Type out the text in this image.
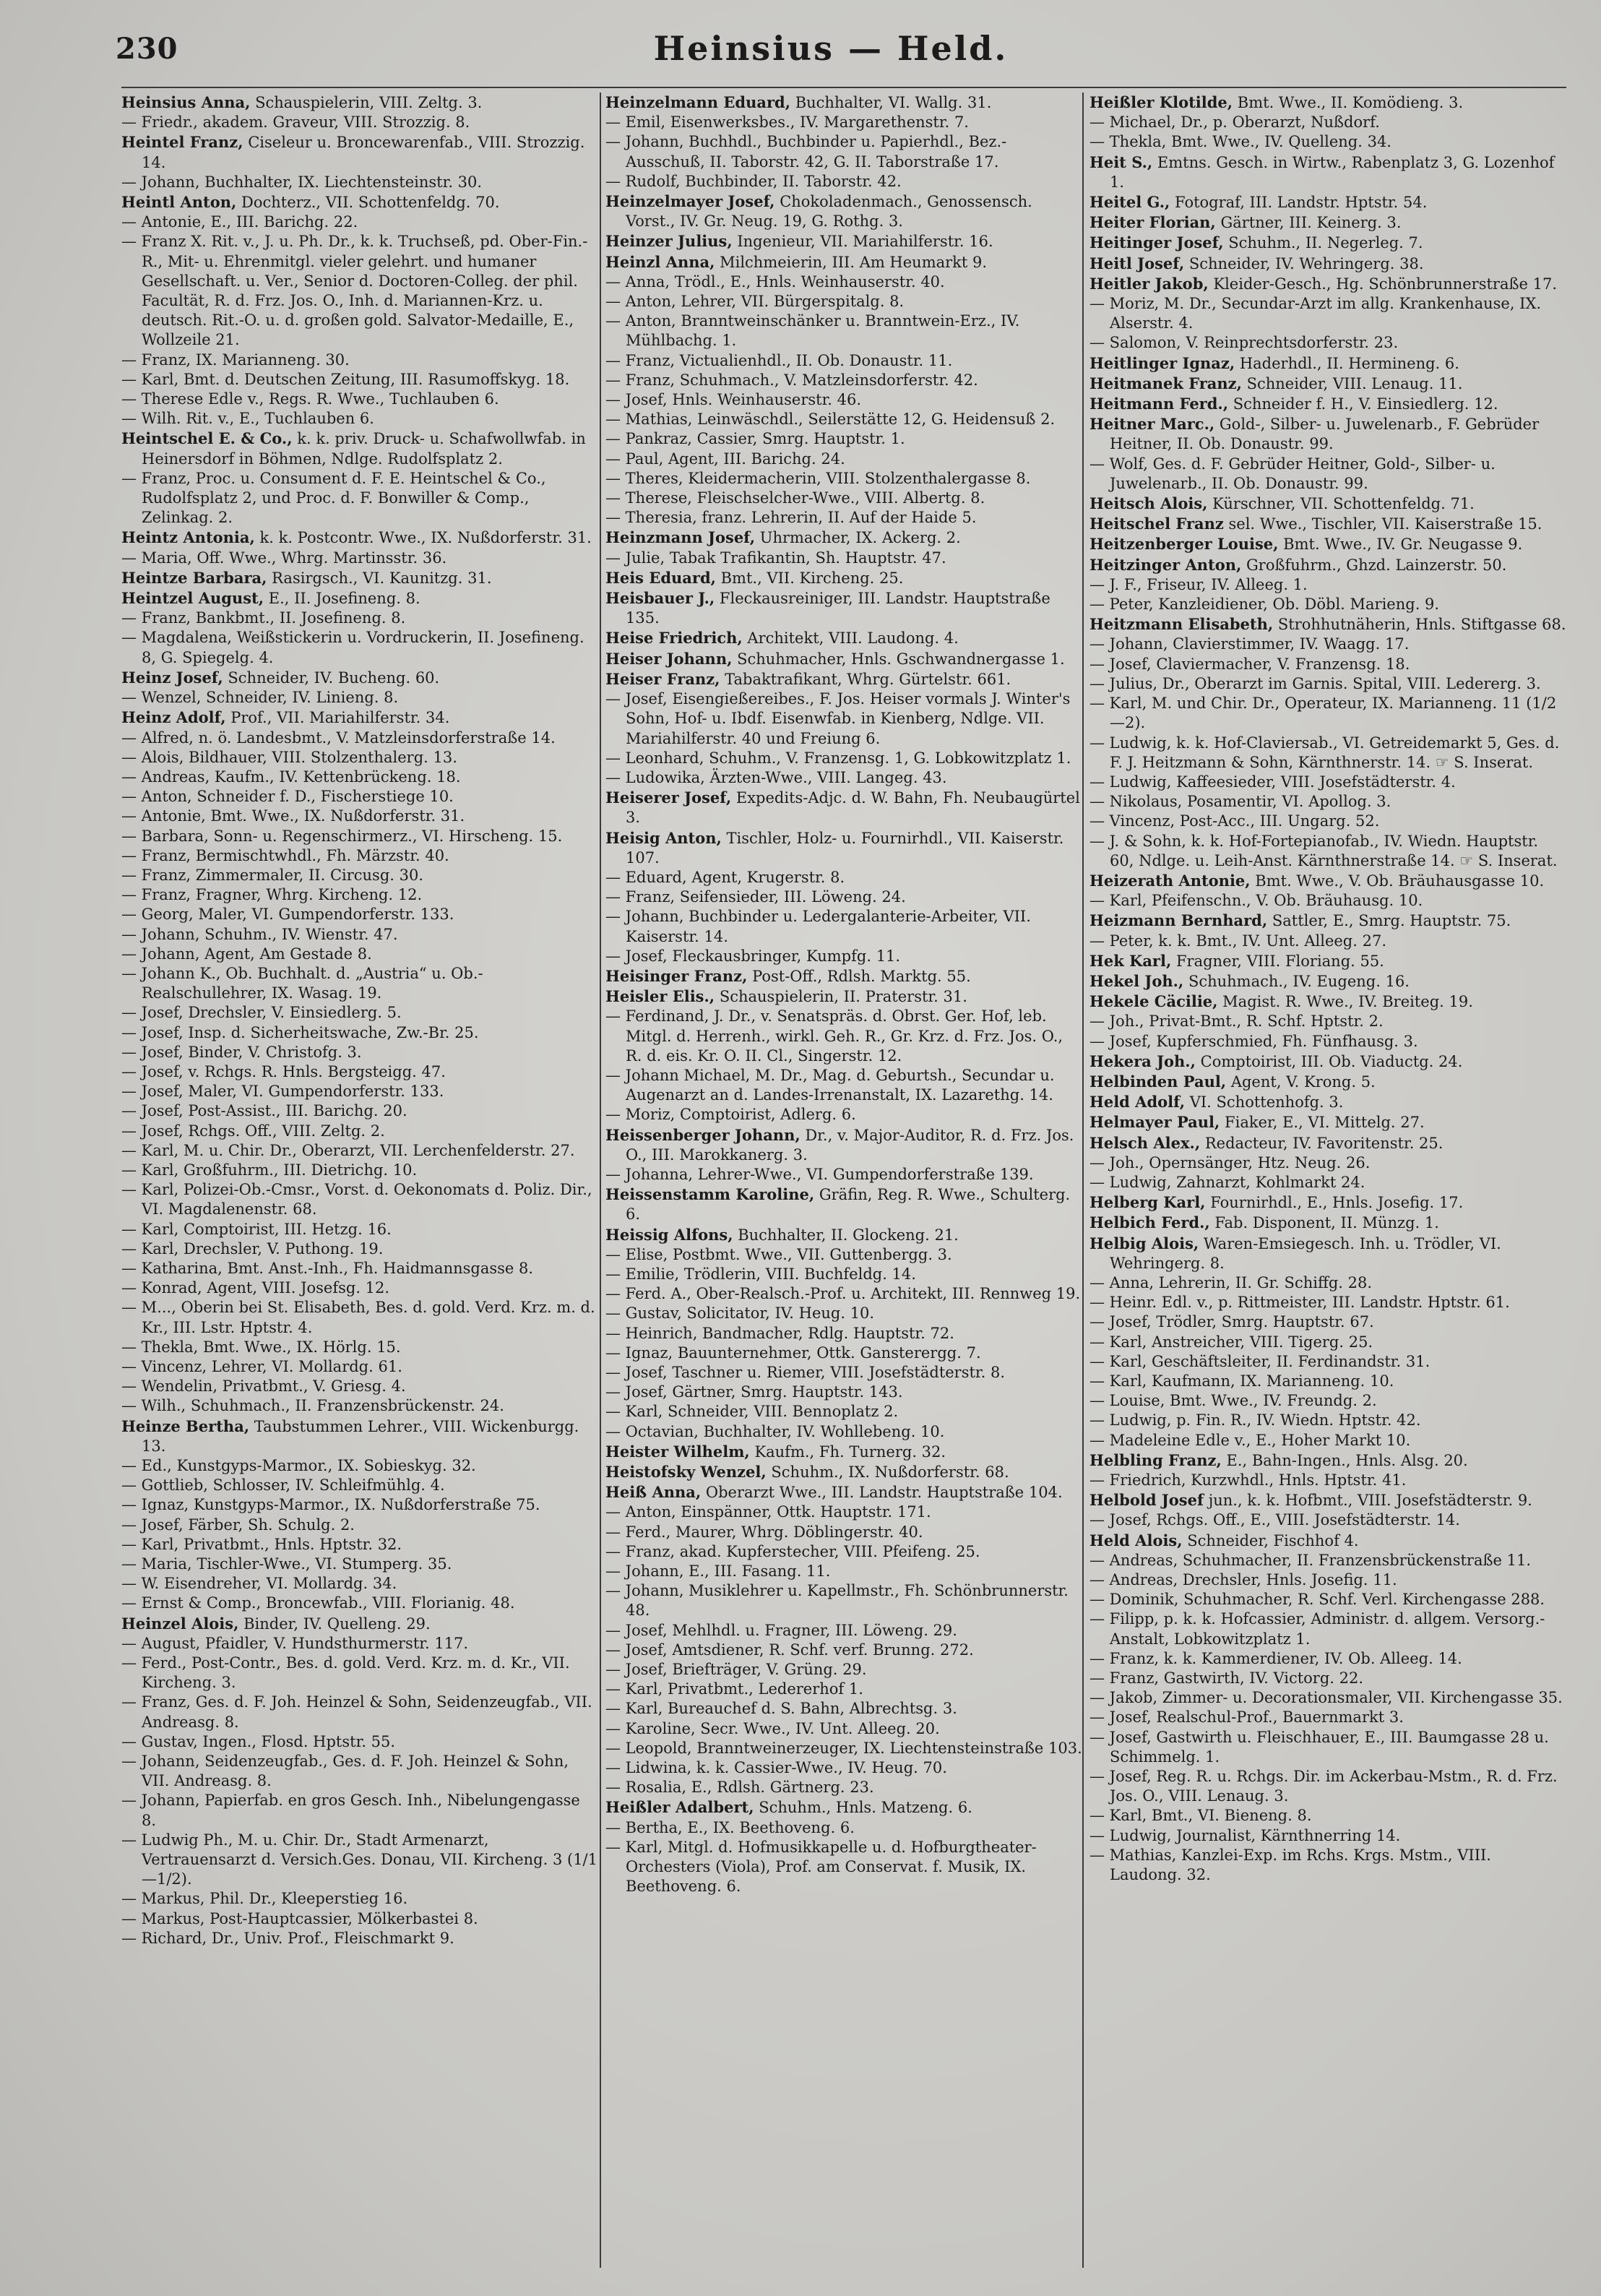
230	Heinsius — Held.

Heinsius Anna, Schauspielerin, VIII. Zeltg. 3.

— Friedr., akadem. Graveur, VIII. Strozzig. 8.

Heintel Franz, Ciseleur u. Broncewarenfab., VIII. Strozzig. 14.

— Johann, Buchhalter, IX. Liechtensteinstr. 30.

Heintl Anton, Dochterz., VII. Schottenfeldg. 70.

— Antonie, E., III. Barichg. 22.

— Franz X. Rit. v., J. u. Ph. Dr., k. k. Truchseß, pd. Ober-Fin.-R., Mit- u. Ehrenmitgl. vieler gelehrt. und humaner Gesellschaft. u. Ver., Senior d. Doctoren-Colleg. der phil. Facultät, R. d. Frz. Jos. O., Inh. d. Mariannen-Krz. u. deutsch. Rit.-O. u. d. großen gold. Salvator-Medaille, E., Wollzeile 21.

— Franz, IX. Marianneng. 30.

— Karl, Bmt. d. Deutschen Zeitung, III. Rasumoffskyg. 18.

— Therese Edle v., Regs. R. Wwe., Tuchlauben 6.

— Wilh. Rit. v., E., Tuchlauben 6.

Heintschel E. & Co., k. k. priv. Druck- u. Schafwollwfab. in Heinersdorf in Böhmen, Ndlge. Rudolfsplatz 2.

— Franz, Proc. u. Consument d. F. E. Heintschel & Co., Rudolfsplatz 2, und Proc. d. F. Bonwiller & Comp., Zelinkag. 2.

Heintz Antonia, k. k. Postcontr. Wwe., IX. Nußdorferstr. 31.

— Maria, Off. Wwe., Whrg. Martinsstr. 36.

Heintze Barbara, Rasirgsch., VI. Kaunitzg. 31.

Heintzel August, E., II. Josefineng. 8.

— Franz, Bankbmt., II. Josefineng. 8.

— Magdalena, Weißstickerin u. Vordruckerin, II. Josefineng. 8, G. Spiegelg. 4.

Heinz Josef, Schneider, IV. Bucheng. 60.

— Wenzel, Schneider, IV. Linieng. 8.

Heinz Adolf, Prof., VII. Mariahilferstr. 34.

— Alfred, n. ö. Landesbmt., V. Matzleinsdorferstraße 14.

— Alois, Bildhauer, VIII. Stolzenthalerg. 13.

— Andreas, Kaufm., IV. Kettenbrückeng. 18.

— Anton, Schneider f. D., Fischerstiege 10.

— Antonie, Bmt. Wwe., IX. Nußdorferstr. 31.

— Barbara, Sonn- u. Regenschirmerz., VI. Hirscheng. 15.

— Franz, Bermischtwhdl., Fh. Märzstr. 40.

— Franz, Zimmermaler, II. Circusg. 30.

— Franz, Fragner, Whrg. Kircheng. 12.

— Georg, Maler, VI. Gumpendorferstr. 133.

— Johann, Schuhm., IV. Wienstr. 47.

— Johann, Agent, Am Gestade 8.

— Johann K., Ob. Buchhalt. d. „Austria“ u. Ob.-Realschullehrer, IX. Wasag. 19.

— Josef, Drechsler, V. Einsiedlerg. 5.

— Josef, Insp. d. Sicherheitswache, Zw.-Br. 25.

— Josef, Binder, V. Christofg. 3.

— Josef, v. Rchgs. R. Hnls. Bergsteigg. 47.

— Josef, Maler, VI. Gumpendorferstr. 133.

— Josef, Post-Assist., III. Barichg. 20.

— Josef, Rchgs. Off., VIII. Zeltg. 2.

— Karl, M. u. Chir. Dr., Oberarzt, VII. Lerchenfelderstr. 27.

— Karl, Großfuhrm., III. Dietrichg. 10.

— Karl, Polizei-Ob.-Cmsr., Vorst. d. Oekonomats d. Poliz. Dir., VI. Magdalenenstr. 68.

— Karl, Comptoirist, III. Hetzg. 16.

— Karl, Drechsler, V. Puthong. 19.

— Katharina, Bmt. Anst.-Inh., Fh. Haidmannsgasse 8.

— Konrad, Agent, VIII. Josefsg. 12.

— M..., Oberin bei St. Elisabeth, Bes. d. gold. Verd. Krz. m. d. Kr., III. Lstr. Hptstr. 4.

— Thekla, Bmt. Wwe., IX. Hörlg. 15.

— Vincenz, Lehrer, VI. Mollardg. 61.

— Wendelin, Privatbmt., V. Griesg. 4.

— Wilh., Schuhmach., II. Franzensbrückenstr. 24.

Heinze Bertha, Taubstummen Lehrer., VIII. Wickenburgg. 13.

— Ed., Kunstgyps-Marmor., IX. Sobieskyg. 32.

— Gottlieb, Schlosser, IV. Schleifmühlg. 4.

— Ignaz, Kunstgyps-Marmor., IX. Nußdorferstraße 75.

— Josef, Färber, Sh. Schulg. 2.

— Karl, Privatbmt., Hnls. Hptstr. 32.

— Maria, Tischler-Wwe., VI. Stumperg. 35.

— W. Eisendreher, VI. Mollardg. 34.

— Ernst & Comp., Broncewfab., VIII. Florianig. 48.

Heinzel Alois, Binder, IV. Quelleng. 29.

— August, Pfaidler, V. Hundsthurmerstr. 117.

— Ferd., Post-Contr., Bes. d. gold. Verd. Krz. m. d. Kr., VII. Kircheng. 3.

— Franz, Ges. d. F. Joh. Heinzel & Sohn, Seidenzeugfab., VII. Andreasg. 8.

— Gustav, Ingen., Flosd. Hptstr. 55.

— Johann, Seidenzeugfab., Ges. d. F. Joh. Heinzel & Sohn, VII. Andreasg. 8.

— Johann, Papierfab. en gros Gesch. Inh., Nibelungengasse 8.

— Ludwig Ph., M. u. Chir. Dr., Stadt Armenarzt, Vertrauensarzt d. Versich.Ges. Donau, VII. Kircheng. 3 (1/1—1/2).

— Markus, Phil. Dr., Kleeperstieg 16.

— Markus, Post-Hauptcassier, Mölkerbastei 8.

— Richard, Dr., Univ. Prof., Fleischmarkt 9.

Heinzelmann Eduard, Buchhalter, VI. Wallg. 31.

— Emil, Eisenwerksbes., IV. Margarethenstr. 7.

— Johann, Buchhdl., Buchbinder u. Papierhdl., Bez.-Ausschuß, II. Taborstr. 42, G. II. Taborstraße 17.

— Rudolf, Buchbinder, II. Taborstr. 42.

Heinzelmayer Josef, Chokoladenmach., Genossensch. Vorst., IV. Gr. Neug. 19, G. Rothg. 3.

Heinzer Julius, Ingenieur, VII. Mariahilferstr. 16.

Heinzl Anna, Milchmeierin, III. Am Heumarkt 9.

— Anna, Trödl., E., Hnls. Weinhauserstr. 40.

— Anton, Lehrer, VII. Bürgerspitalg. 8.

— Anton, Branntweinschänker u. Branntwein-Erz., IV. Mühlbachg. 1.

— Franz, Victualienhdl., II. Ob. Donaustr. 11.

— Franz, Schuhmach., V. Matzleinsdorferstr. 42.

— Josef, Hnls. Weinhauserstr. 46.

— Mathias, Leinwäschdl., Seilerstätte 12, G. Heidensuß 2.

— Pankraz, Cassier, Smrg. Hauptstr. 1.

— Paul, Agent, III. Barichg. 24.

— Theres, Kleidermacherin, VIII. Stolzenthalergasse 8.

— Therese, Fleischselcher-Wwe., VIII. Albertg. 8.

— Theresia, franz. Lehrerin, II. Auf der Haide 5.

Heinzmann Josef, Uhrmacher, IX. Ackerg. 2.

— Julie, Tabak Trafikantin, Sh. Hauptstr. 47.

Heis Eduard, Bmt., VII. Kircheng. 25.

Heisbauer J., Fleckausreiniger, III. Landstr. Hauptstraße 135.

Heise Friedrich, Architekt, VIII. Laudong. 4.

Heiser Johann, Schuhmacher, Hnls. Gschwandnergasse 1.

Heiser Franz, Tabaktrafikant, Whrg. Gürtelstr. 661.

— Josef, Eisengießereibes., F. Jos. Heiser vormals J. Winter's Sohn, Hof- u. Ibdf. Eisenwfab. in Kienberg, Ndlge. VII. Mariahilferstr. 40 und Freiung 6.

— Leonhard, Schuhm., V. Franzensg. 1, G. Lobkowitzplatz 1.

— Ludowika, Ärzten-Wwe., VIII. Langeg. 43.

Heiserer Josef, Expedits-Adjc. d. W. Bahn, Fh. Neubaugürtel 3.

Heisig Anton, Tischler, Holz- u. Fournirhdl., VII. Kaiserstr. 107.

— Eduard, Agent, Krugerstr. 8.

— Franz, Seifensieder, III. Löweng. 24.

— Johann, Buchbinder u. Ledergalanterie-Arbeiter, VII. Kaiserstr. 14.

— Josef, Fleckausbringer, Kumpfg. 11.

Heisinger Franz, Post-Off., Rdlsh. Marktg. 55.

Heisler Elis., Schauspielerin, II. Praterstr. 31.

— Ferdinand, J. Dr., v. Senatspräs. d. Obrst. Ger. Hof, leb. Mitgl. d. Herrenh., wirkl. Geh. R., Gr. Krz. d. Frz. Jos. O., R. d. eis. Kr. O. II. Cl., Singerstr. 12.

— Johann Michael, M. Dr., Mag. d. Geburtsh., Secundar u. Augenarzt an d. Landes-Irrenanstalt, IX. Lazarethg. 14.

— Moriz, Comptoirist, Adlerg. 6.

Heissenberger Johann, Dr., v. Major-Auditor, R. d. Frz. Jos. O., III. Marokkanerg. 3.

— Johanna, Lehrer-Wwe., VI. Gumpendorferstraße 139.

Heissenstamm Karoline, Gräfin, Reg. R. Wwe., Schulterg. 6.

Heissig Alfons, Buchhalter, II. Glockeng. 21.

— Elise, Postbmt. Wwe., VII. Guttenbergg. 3.

— Emilie, Trödlerin, VIII. Buchfeldg. 14.

— Ferd. A., Ober-Realsch.-Prof. u. Architekt, III. Rennweg 19.

— Gustav, Solicitator, IV. Heug. 10.

— Heinrich, Bandmacher, Rdlg. Hauptstr. 72.

— Ignaz, Bauunternehmer, Ottk. Gansterergg. 7.

— Josef, Taschner u. Riemer, VIII. Josefstädterstr. 8.

— Josef, Gärtner, Smrg. Hauptstr. 143.

— Karl, Schneider, VIII. Bennoplatz 2.

— Octavian, Buchhalter, IV. Wohllebeng. 10.

Heister Wilhelm, Kaufm., Fh. Turnerg. 32.

Heistofsky Wenzel, Schuhm., IX. Nußdorferstr. 68.

Heiß Anna, Oberarzt Wwe., III. Landstr. Hauptstraße 104.

— Anton, Einspänner, Ottk. Hauptstr. 171.

— Ferd., Maurer, Whrg. Döblingerstr. 40.

— Franz, akad. Kupferstecher, VIII. Pfeifeng. 25.

— Johann, E., III. Fasang. 11.

— Johann, Musiklehrer u. Kapellmstr., Fh. Schönbrunnerstr. 48.

— Josef, Mehlhdl. u. Fragner, III. Löweng. 29.

— Josef, Amtsdiener, R. Schf. verf. Brunng. 272.

— Josef, Briefträger, V. Grüng. 29.

— Karl, Privatbmt., Ledererhof 1.

— Karl, Bureauchef d. S. Bahn, Albrechtsg. 3.

— Karoline, Secr. Wwe., IV. Unt. Alleeg. 20.

— Leopold, Branntweinerzeuger, IX. Liechtensteinstraße 103.

— Lidwina, k. k. Cassier-Wwe., IV. Heug. 70.

— Rosalia, E., Rdlsh. Gärtnerg. 23.

Heißler Adalbert, Schuhm., Hnls. Matzeng. 6.

— Bertha, E., IX. Beethoveng. 6.

— Karl, Mitgl. d. Hofmusikkapelle u. d. Hofburgtheater-Orchesters (Viola), Prof. am Conservat. f. Musik, IX. Beethoveng. 6.

Heißler Klotilde, Bmt. Wwe., II. Komödieng. 3.

— Michael, Dr., p. Oberarzt, Nußdorf.

— Thekla, Bmt. Wwe., IV. Quelleng. 34.

Heit S., Emtns. Gesch. in Wirtw., Rabenplatz 3, G. Lozenhof 1.

Heitel G., Fotograf, III. Landstr. Hptstr. 54.

Heiter Florian, Gärtner, III. Keinerg. 3.

Heitinger Josef, Schuhm., II. Negerleg. 7.

Heitl Josef, Schneider, IV. Wehringerg. 38.

Heitler Jakob, Kleider-Gesch., Hg. Schönbrunnerstraße 17.

— Moriz, M. Dr., Secundar-Arzt im allg. Krankenhause, IX. Alserstr. 4.

— Salomon, V. Reinprechtsdorferstr. 23.

Heitlinger Ignaz, Haderhdl., II. Hermineng. 6.

Heitmanek Franz, Schneider, VIII. Lenaug. 11.

Heitmann Ferd., Schneider f. H., V. Einsiedlerg. 12.

Heitner Marc., Gold-, Silber- u. Juwelenarb., F. Gebrüder Heitner, II. Ob. Donaustr. 99.

— Wolf, Ges. d. F. Gebrüder Heitner, Gold-, Silber- u. Juwelenarb., II. Ob. Donaustr. 99.

Heitsch Alois, Kürschner, VII. Schottenfeldg. 71.

Heitschel Franz sel. Wwe., Tischler, VII. Kaiserstraße 15.

Heitzenberger Louise, Bmt. Wwe., IV. Gr. Neugasse 9.

Heitzinger Anton, Großfuhrm., Ghzd. Lainzerstr. 50.

— J. F., Friseur, IV. Alleeg. 1.

— Peter, Kanzleidiener, Ob. Döbl. Marieng. 9.

Heitzmann Elisabeth, Strohhutnäherin, Hnls. Stiftgasse 68.

— Johann, Clavierstimmer, IV. Waagg. 17.

— Josef, Claviermacher, V. Franzensg. 18.

— Julius, Dr., Oberarzt im Garnis. Spital, VIII. Ledererg. 3.

— Karl, M. und Chir. Dr., Operateur, IX. Marianneng. 11 (1/2—2).

— Ludwig, k. k. Hof-Claviersab., VI. Getreidemarkt 5, Ges. d. F. J. Heitzmann & Sohn, Kärnthnerstr. 14. ☞ S. Inserat.

— Ludwig, Kaffeesieder, VIII. Josefstädterstr. 4.

— Nikolaus, Posamentir, VI. Apollog. 3.

— Vincenz, Post-Acc., III. Ungarg. 52.

— J. & Sohn, k. k. Hof-Fortepianofab., IV. Wiedn. Hauptstr. 60, Ndlge. u. Leih-Anst. Kärnthnerstraße 14. ☞ S. Inserat.

Heizerath Antonie, Bmt. Wwe., V. Ob. Bräuhausgasse 10.

— Karl, Pfeifenschn., V. Ob. Bräuhausg. 10.

Heizmann Bernhard, Sattler, E., Smrg. Hauptstr. 75.

— Peter, k. k. Bmt., IV. Unt. Alleeg. 27.

Hek Karl, Fragner, VIII. Floriang. 55.

Hekel Joh., Schuhmach., IV. Eugeng. 16.

Hekele Cäcilie, Magist. R. Wwe., IV. Breiteg. 19.

— Joh., Privat-Bmt., R. Schf. Hptstr. 2.

— Josef, Kupferschmied, Fh. Fünfhausg. 3.

Hekera Joh., Comptoirist, III. Ob. Viaductg. 24.

Helbinden Paul, Agent, V. Krong. 5.

Held Adolf, VI. Schottenhofg. 3.

Helmayer Paul, Fiaker, E., VI. Mittelg. 27.

Helsch Alex., Redacteur, IV. Favoritenstr. 25.

— Joh., Opernsänger, Htz. Neug. 26.

— Ludwig, Zahnarzt, Kohlmarkt 24.

Helberg Karl, Fournirhdl., E., Hnls. Josefig. 17.

Helbich Ferd., Fab. Disponent, II. Münzg. 1.

Helbig Alois, Waren-Emsiegesch. Inh. u. Trödler, VI. Wehringerg. 8.

— Anna, Lehrerin, II. Gr. Schiffg. 28.

— Heinr. Edl. v., p. Rittmeister, III. Landstr. Hptstr. 61.

— Josef, Trödler, Smrg. Hauptstr. 67.

— Karl, Anstreicher, VIII. Tigerg. 25.

— Karl, Geschäftsleiter, II. Ferdinandstr. 31.

— Karl, Kaufmann, IX. Marianneng. 10.

— Louise, Bmt. Wwe., IV. Freundg. 2.

— Ludwig, p. Fin. R., IV. Wiedn. Hptstr. 42.

— Madeleine Edle v., E., Hoher Markt 10.

Helbling Franz, E., Bahn-Ingen., Hnls. Alsg. 20.

— Friedrich, Kurzwhdl., Hnls. Hptstr. 41.

Helbold Josef jun., k. k. Hofbmt., VIII. Josefstädterstr. 9.

— Josef, Rchgs. Off., E., VIII. Josefstädterstr. 14.

Held Alois, Schneider, Fischhof 4.

— Andreas, Schuhmacher, II. Franzensbrückenstraße 11.

— Andreas, Drechsler, Hnls. Josefig. 11.

— Dominik, Schuhmacher, R. Schf. Verl. Kirchengasse 288.

— Filipp, p. k. k. Hofcassier, Administr. d. allgem. Versorg.-Anstalt, Lobkowitzplatz 1.

— Franz, k. k. Kammerdiener, IV. Ob. Alleeg. 14.

— Franz, Gastwirth, IV. Victorg. 22.

— Jakob, Zimmer- u. Decorationsmaler, VII. Kirchengasse 35.

— Josef, Realschul-Prof., Bauernmarkt 3.

— Josef, Gastwirth u. Fleischhauer, E., III. Baumgasse 28 u. Schimmelg. 1.

— Josef, Reg. R. u. Rchgs. Dir. im Ackerbau-Mstm., R. d. Frz. Jos. O., VIII. Lenaug. 3.

— Karl, Bmt., VI. Bieneng. 8.

— Ludwig, Journalist, Kärnthnerring 14.

— Mathias, Kanzlei-Exp. im Rchs. Krgs. Mstm., VIII. Laudong. 32.
